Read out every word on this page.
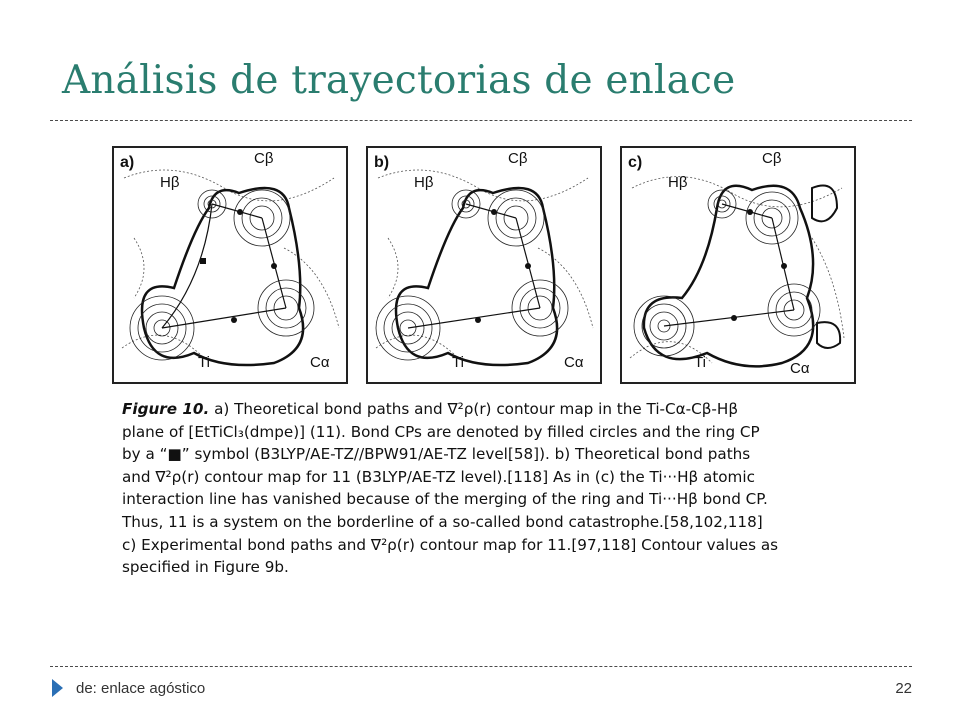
Análisis de trayectorias de enlace
a)	Cβ
Hβ
Ti	Cα
b)	Cβ
Hβ
Ti	Cα
c)	Cβ
Hβ
Ti	Cα
Figure 10. a) Theoretical bond paths and ∇²ρ(r) contour map in the Ti-Cα-Cβ-Hβ
plane of [EtTiCl₃(dmpe)] (11). Bond CPs are denoted by filled circles and the ring CP
by a “■” symbol (B3LYP/AE-TZ//BPW91/AE-TZ level[58]). b) Theoretical bond paths
and ∇²ρ(r) contour map for 11 (B3LYP/AE-TZ level).[118] As in (c) the Ti···Hβ atomic
interaction line has vanished because of the merging of the ring and Ti···Hβ bond CP.
Thus, 11 is a system on the borderline of a so-called bond catastrophe.[58,102,118]
c) Experimental bond paths and ∇²ρ(r) contour map for 11.[97,118] Contour values as
specified in Figure 9b.
de: enlace agóstico	22
